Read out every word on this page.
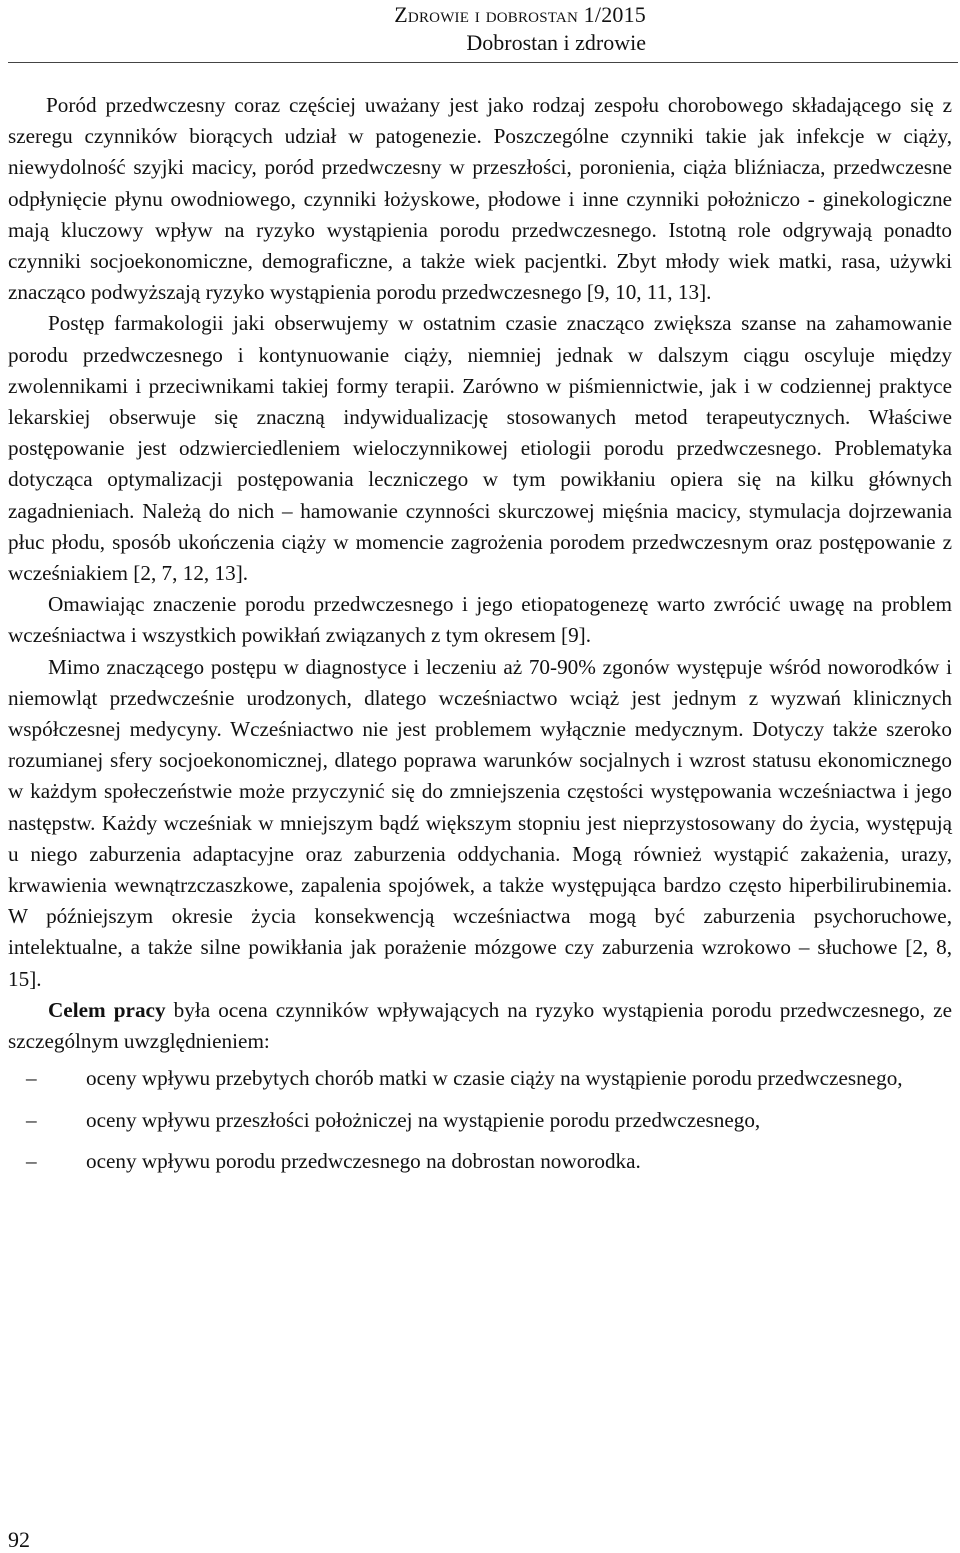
Zdrowie i dobrostan 1/2015
Dobrostan i zdrowie

Poród przedwczesny coraz częściej uważany jest jako rodzaj zespołu chorobowego składającego się z szeregu czynników biorących udział w patogenezie. Poszczególne czynniki takie jak infekcje w ciąży, niewydolność szyjki macicy, poród przedwczesny w przeszłości, poronienia, ciąża bliźniacza, przedwczesne odpłynięcie płynu owodniowego, czynniki łożyskowe, płodowe i inne czynniki położniczo - ginekologiczne mają kluczowy wpływ na ryzyko wystąpienia porodu przedwczesnego. Istotną role odgrywają ponadto czynniki socjoekonomiczne, demograficzne, a także wiek pacjentki. Zbyt młody wiek matki, rasa, używki znacząco podwyższają ryzyko wystąpienia porodu przedwczesnego [9, 10, 11, 13].

Postęp farmakologii jaki obserwujemy w ostatnim czasie znacząco zwiększa szanse na zahamowanie porodu przedwczesnego i kontynuowanie ciąży, niemniej jednak w dalszym ciągu oscyluje między zwolennikami i przeciwnikami takiej formy terapii. Zarówno w piśmiennictwie, jak i w codziennej praktyce lekarskiej obserwuje się znaczną indywidualizację stosowanych metod terapeutycznych. Właściwe postępowanie jest odzwierciedleniem wieloczynnikowej etiologii porodu przedwczesnego. Problematyka dotycząca optymalizacji postępowania leczniczego w tym powikłaniu opiera się na kilku głównych zagadnieniach. Należą do nich – hamowanie czynności skurczowej mięśnia macicy, stymulacja dojrzewania płuc płodu, sposób ukończenia ciąży w momencie zagrożenia porodem przedwczesnym oraz postępowanie z wcześniakiem [2, 7, 12, 13].

Omawiając znaczenie porodu przedwczesnego i jego etiopatogenezę warto zwrócić uwagę na problem wcześniactwa i wszystkich powikłań związanych z tym okresem [9].

Mimo znaczącego postępu w diagnostyce i leczeniu aż 70-90% zgonów występuje wśród noworodków i niemowląt przedwcześnie urodzonych, dlatego wcześniactwo wciąż jest jednym z wyzwań klinicznych współczesnej medycyny. Wcześniactwo nie jest problemem wyłącznie medycznym. Dotyczy także szeroko rozumianej sfery socjoekonomicznej, dlatego poprawa warunków socjalnych i wzrost statusu ekonomicznego w każdym społeczeństwie może przyczynić się do zmniejszenia częstości występowania wcześniactwa i jego następstw. Każdy wcześniak w mniejszym bądź większym stopniu jest nieprzystosowany do życia, występują u niego zaburzenia adaptacyjne oraz zaburzenia oddychania. Mogą również wystąpić zakażenia, urazy, krwawienia wewnątrzczaszkowe, zapalenia spojówek, a także występująca bardzo często hiperbilirubinemia. W późniejszym okresie życia konsekwencją wcześniactwa mogą być zaburzenia psychoruchowe, intelektualne, a także silne powikłania jak porażenie mózgowe czy zaburzenia wzrokowo – słuchowe [2, 8, 15].

Celem pracy była ocena czynników wpływających na ryzyko wystąpienia porodu przedwczesnego, ze szczególnym uwzględnieniem:

– oceny wpływu przebytych chorób matki w czasie ciąży na wystąpienie porodu przedwczesnego,
– oceny wpływu przeszłości położniczej na wystąpienie porodu przedwczesnego,
– oceny wpływu porodu przedwczesnego na dobrostan noworodka.
92
